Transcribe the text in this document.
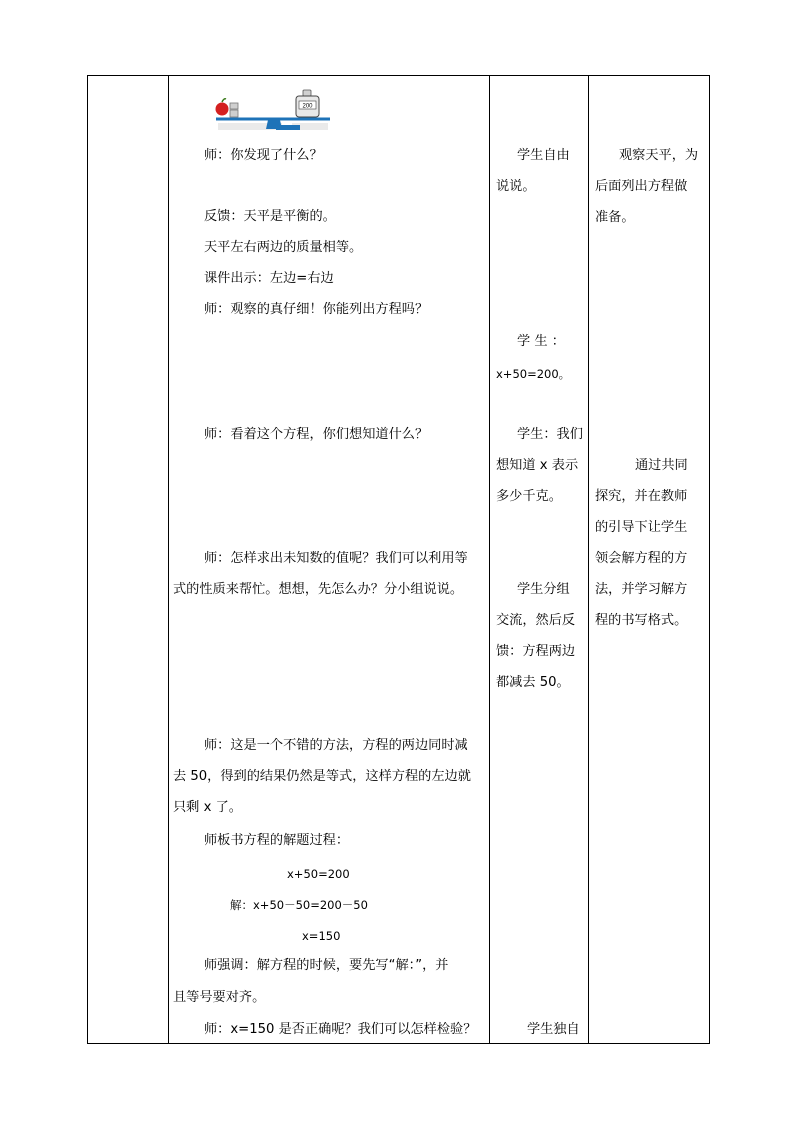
200
师：你发现了什么？
反馈：天平是平衡的。
天平左右两边的质量相等。
课件出示：左边=右边
师：观察的真仔细！你能列出方程吗？
师：看着这个方程，你们想知道什么？
师：怎样求出未知数的值呢？我们可以利用等
式的性质来帮忙。想想，先怎么办？分小组说说。
师：这是一个不错的方法，方程的两边同时减
去 50，得到的结果仍然是等式，这样方程的左边就
只剩 x 了。
师板书方程的解题过程：
x+50=200
解：x+50－50=200－50
x=150
师强调：解方程的时候，要先写“解：”，并
且等号要对齐。
师：x=150 是否正确呢？我们可以怎样检验？

学生自由
说说。
学 生 ：
x+50=200。
学生：我们
想知道 x 表示
多少千克。
学生分组
交流，然后反
馈：方程两边
都减去 50。
学生独自

观察天平，为
后面列出方程做
准备。
通过共同
探究，并在教师
的引导下让学生
领会解方程的方
法，并学习解方
程的书写格式。
